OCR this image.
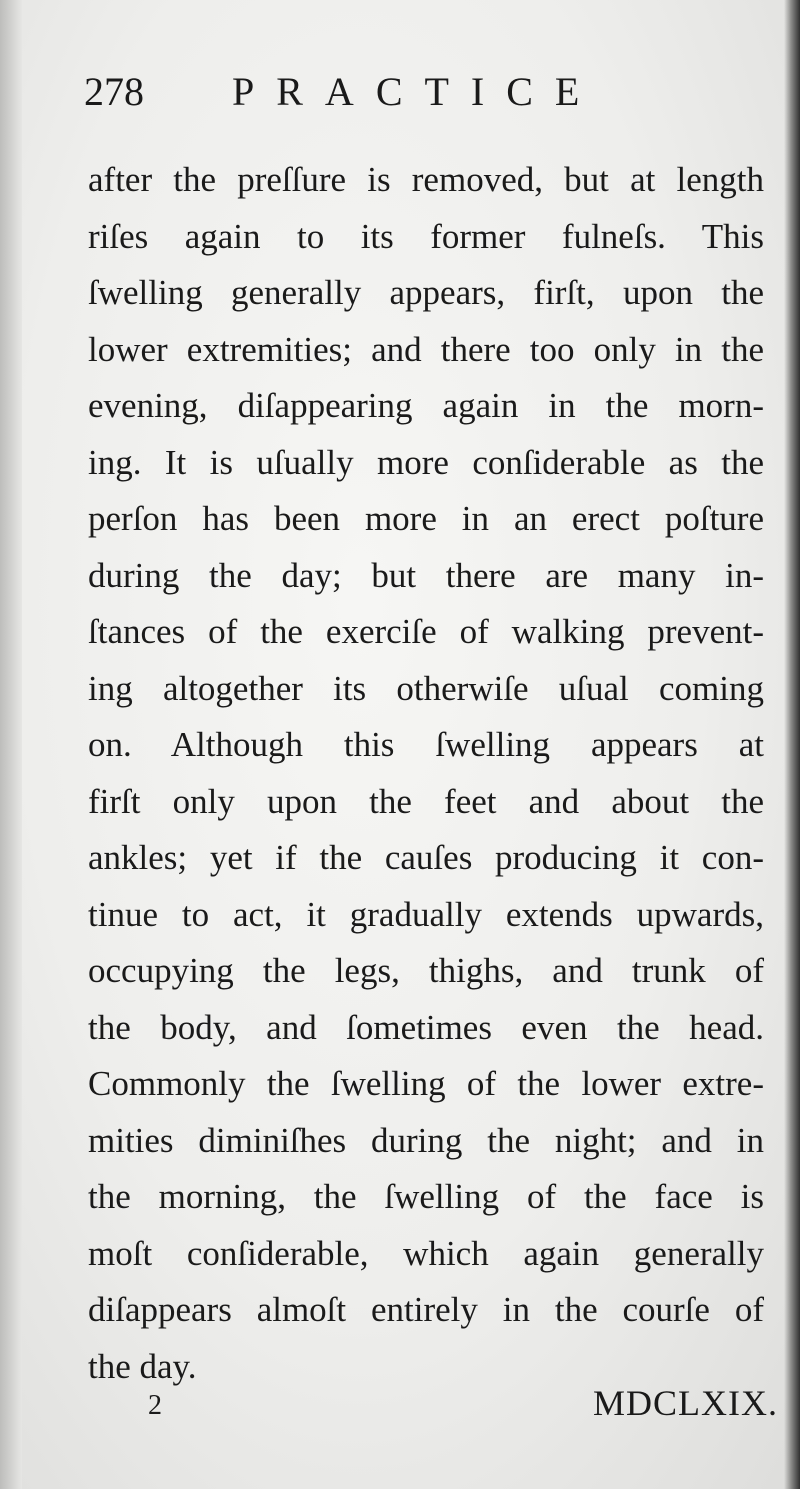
278 PRACTICE
after the preſſure is removed, but at length
riſes again to its former fulneſs. This
ſwelling generally appears, firſt, upon the
lower extremities; and there too only in the
evening, diſappearing again in the morn-
ing. It is uſually more conſiderable as the
perſon has been more in an erect poſture
during the day; but there are many in-
ſtances of the exerciſe of walking prevent-
ing altogether its otherwiſe uſual coming
on. Although this ſwelling appears at
firſt only upon the feet and about the
ankles; yet if the cauſes producing it con-
tinue to act, it gradually extends upwards,
occupying the legs, thighs, and trunk of
the body, and ſometimes even the head.
Commonly the ſwelling of the lower extre-
mities diminiſhes during the night; and in
the morning, the ſwelling of the face is
moſt conſiderable, which again generally
diſappears almoſt entirely in the courſe of
the day.
2	MDCLXIX.
